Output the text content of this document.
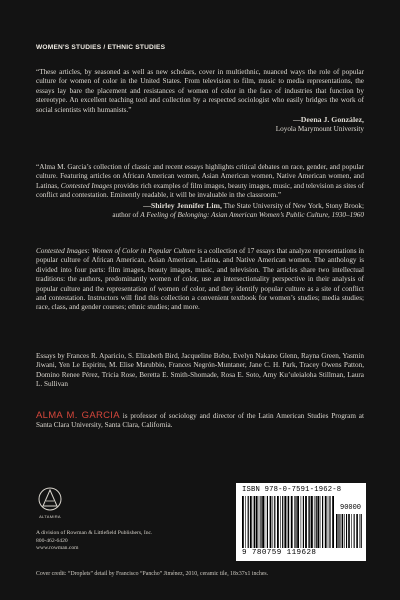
WOMEN'S STUDIES / ETHNIC STUDIES

“These articles, by seasoned as well as new scholars, cover in multiethnic, nuanced ways the role of popular culture for women of color in the United States. From television to film, music to media representations, the essays lay bare the placement and resistances of women of color in the face of industries that function by stereotype. An excellent teaching tool and collection by a respected sociologist who easily bridges the work of social scientists with humanists.”

—Deena J. González,

Loyola Marymount University

“Alma M. Garcia’s collection of classic and recent essays highlights critical debates on race, gender, and popular culture. Featuring articles on African American women, Asian American women, Native American women, and Latinas, Contested Images provides rich examples of film images, beauty images, music, and television as sites of conflict and contestation. Eminently readable, it will be invaluable in the classroom.”

—Shirley Jennifer Lim, The State University of New York, Stony Brook;

author of A Feeling of Belonging: Asian American Women’s Public Culture, 1930–1960

Contested Images: Women of Color in Popular Culture is a collection of 17 essays that analyze representations in popular culture of African American, Asian American, Latina, and Native American women. The anthology is divided into four parts: film images, beauty images, music, and television. The articles share two intellectual traditions: the authors, predominantly women of color, use an intersectionality perspective in their analysis of popular culture and the representation of women of color, and they identify popular culture as a site of conflict and contestation. Instructors will find this collection a convenient textbook for women’s studies; media studies; race, class, and gender courses; ethnic studies; and more.

Essays by Frances R. Aparicio, S. Elizabeth Bird, Jacqueline Bobo, Evelyn Nakano Glenn, Rayna Green, Yasmin Jiwani, Yen Le Espiritu, M. Elise Marubbio, Frances Negrón-Muntaner, Jane C. H. Park, Tracey Owens Patton, Domino Renee Pérez, Tricia Rose, Beretta E. Smith-Shomade, Rosa E. Soto, Amy Ku’uleialoha Stillman, Laura L. Sullivan

ALMA M. GARCIA is professor of sociology and director of the Latin American Studies Program at Santa Clara University, Santa Clara, California.

ALTAMIRA
A division of Rowman & Littlefield Publishers, Inc.
800-462-6420
www.rowman.com
ISBN 978-0-7591-1962-8
90000
9 780759 119628
Cover credit: “Droplets” detail by Francisco “Pancho” Jiménez, 2010, ceramic tile, 18x37x1 inches.
